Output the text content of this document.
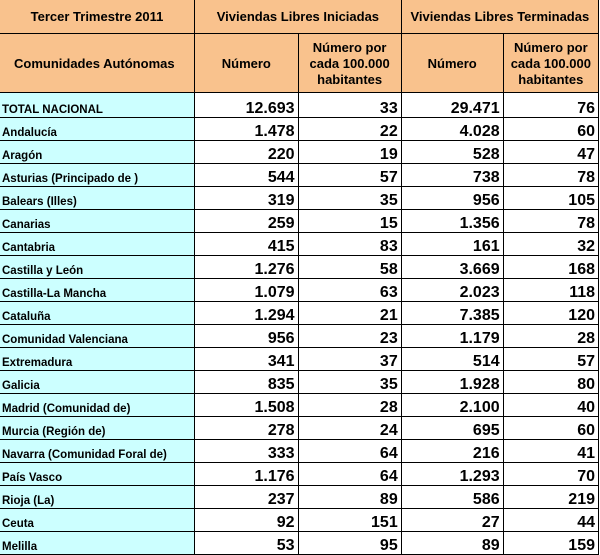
Tercer Trimestre 2011	Viviendas Libres Iniciadas		Viviendas Libres Terminadas	
Comunidades Autónomas	Número	Número por cada 100.000 habitantes	Número	Número por cada 100.000 habitantes
TOTAL NACIONAL	12.693	33	29.471	76
Andalucía	1.478	22	4.028	60
Aragón	220	19	528	47
Asturias (Principado de )	544	57	738	78
Balears (Illes)	319	35	956	105
Canarias	259	15	1.356	78
Cantabria	415	83	161	32
Castilla y León	1.276	58	3.669	168
Castilla-La Mancha	1.079	63	2.023	118
Cataluña	1.294	21	7.385	120
Comunidad Valenciana	956	23	1.179	28
Extremadura	341	37	514	57
Galicia	835	35	1.928	80
Madrid (Comunidad de)	1.508	28	2.100	40
Murcia (Región de)	278	24	695	60
Navarra (Comunidad Foral de)	333	64	216	41
País Vasco	1.176	64	1.293	70
Rioja (La)	237	89	586	219
Ceuta	92	151	27	44
Melilla	53	95	89	159
